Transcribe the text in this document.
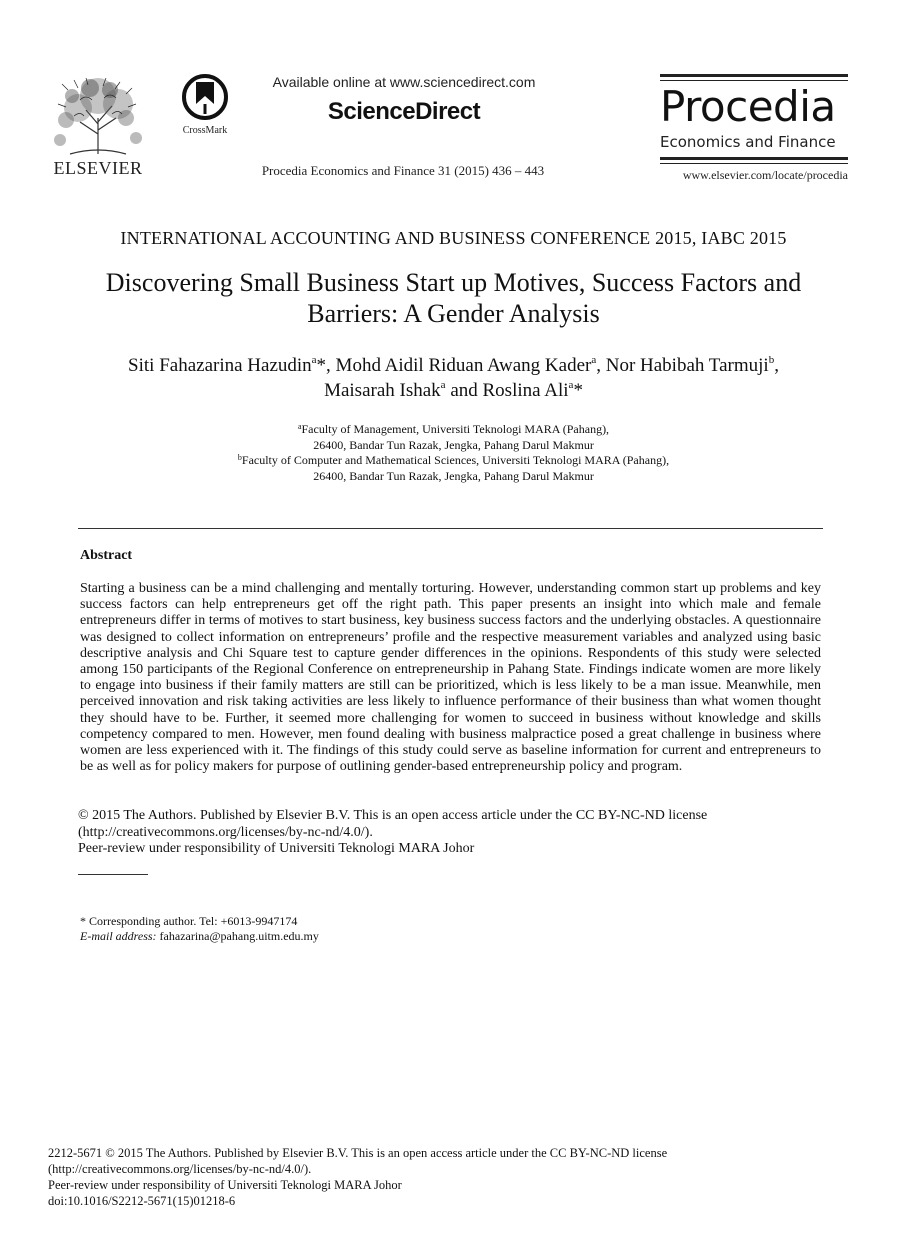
ELSEVIER
CrossMark
Available online at www.sciencedirect.com
ScienceDirect
Procedia Economics and Finance 31 (2015) 436 – 443
Procedia
Economics and Finance
www.elsevier.com/locate/procedia
INTERNATIONAL ACCOUNTING AND BUSINESS CONFERENCE 2015, IABC 2015
Discovering Small Business Start up Motives, Success Factors and
Barriers: A Gender Analysis
Siti Fahazarina Hazudin$^a$*, Mohd Aidil Riduan Awang Kader$^a$, Nor Habibah Tarmuji$^b$,
Maisarah Ishak$^a$ and Roslina Ali$^a$*
$^a$Faculty of Management, Universiti Teknologi MARA (Pahang),
26400, Bandar Tun Razak, Jengka, Pahang Darul Makmur
$^b$Faculty of Computer and Mathematical Sciences, Universiti Teknologi MARA (Pahang),
26400, Bandar Tun Razak, Jengka, Pahang Darul Makmur
Abstract
Starting a business can be a mind challenging and mentally torturing. However, understanding common start up problems and key success factors can help entrepreneurs get off the right path. This paper presents an insight into which male and female entrepreneurs differ in terms of motives to start business, key business success factors and the underlying obstacles. A questionnaire was designed to collect information on entrepreneurs’ profile and the respective measurement variables and analyzed using basic descriptive analysis and Chi Square test to capture gender differences in the opinions. Respondents of this study were selected among 150 participants of the Regional Conference on entrepreneurship in Pahang State. Findings indicate women are more likely to engage into business if their family matters are still can be prioritized, which is less likely to be a man issue. Meanwhile, men perceived innovation and risk taking activities are less likely to influence performance of their business than what women thought they should have to be. Further, it seemed more challenging for women to succeed in business without knowledge and skills competency compared to men. However, men found dealing with business malpractice posed a great challenge in business where women are less experienced with it. The findings of this study could serve as baseline information for current and entrepreneurs to be as well as for policy makers for purpose of outlining gender-based entrepreneurship policy and program.
© 2015 The Authors. Published by Elsevier B.V. This is an open access article under the CC BY-NC-ND license
(http://creativecommons.org/licenses/by-nc-nd/4.0/).
Peer-review under responsibility of Universiti Teknologi MARA Johor
* Corresponding author. Tel: +6013-9947174
E-mail address: fahazarina@pahang.uitm.edu.my
2212-5671 © 2015 The Authors. Published by Elsevier B.V. This is an open access article under the CC BY-NC-ND license
(http://creativecommons.org/licenses/by-nc-nd/4.0/).
Peer-review under responsibility of Universiti Teknologi MARA Johor
doi:10.1016/S2212-5671(15)01218-6
